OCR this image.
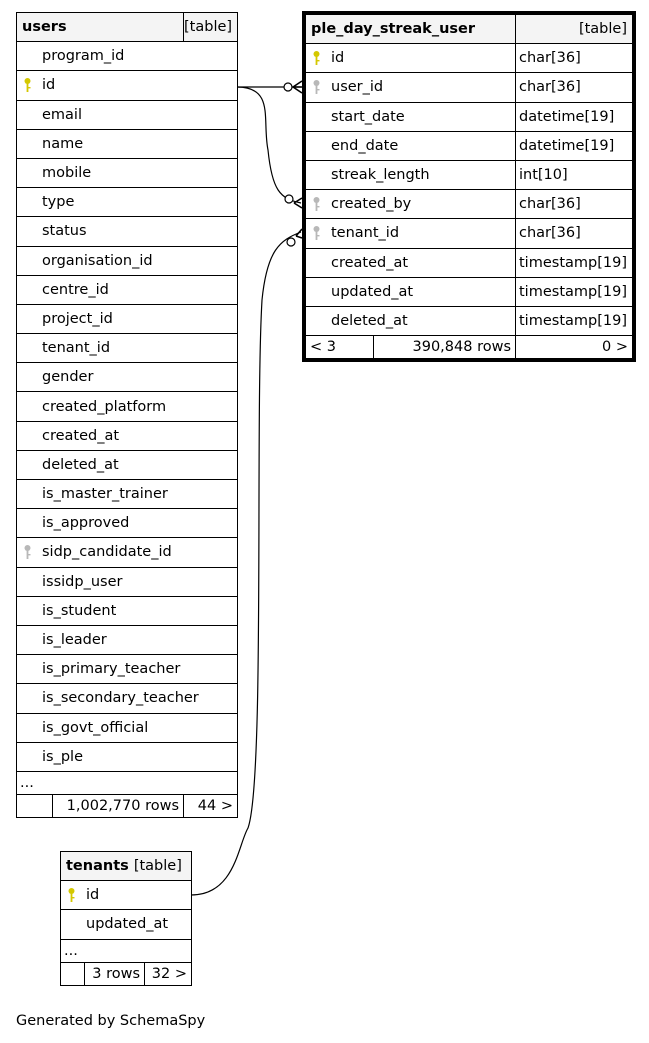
users		[table]
program_id		

id		
email		
name		
mobile		
type		
status		
organisation_id		
centre_id		
project_id		
tenant_id		
gender		
created_platform		
created_at		
deleted_at		
is_master_trainer		
is_approved		

sidp_candidate_id		
issidp_user		
is_student		
is_leader		
is_primary_teacher		
is_secondary_teacher		
is_govt_official		
is_ple		
...		
	1,002,770 rows	44 >
ple_day_streak_user		[table]

id		char[36]

user_id		char[36]
start_date		datetime[19]
end_date		datetime[19]
streak_length		int[10]

created_by		char[36]

tenant_id		char[36]
created_at		timestamp[19]
updated_at		timestamp[19]
deleted_at		timestamp[19]
< 3	390,848 rows	0 >
tenants [table]

id
updated_at
...
	3 rows	32 >
Generated by SchemaSpy
